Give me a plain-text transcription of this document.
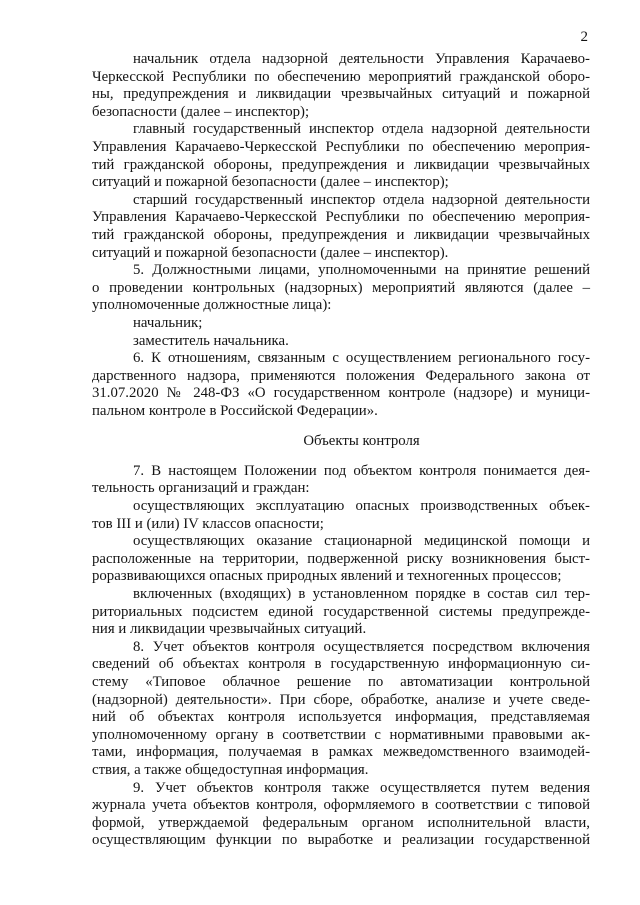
2
начальник отдела надзорной деятельности Управления Карачаево-
Черкесской Республики по обеспечению мероприятий гражданской оборо-
ны, предупреждения и ликвидации чрезвычайных ситуаций и пожарной
безопасности (далее – инспектор);
главный государственный инспектор отдела надзорной деятельности
Управления Карачаево-Черкесской Республики по обеспечению мероприя-
тий гражданской обороны, предупреждения и ликвидации чрезвычайных
ситуаций и пожарной безопасности (далее – инспектор);
старший государственный инспектор отдела надзорной деятельности
Управления Карачаево-Черкесской Республики по обеспечению мероприя-
тий гражданской обороны, предупреждения и ликвидации чрезвычайных
ситуаций и пожарной безопасности (далее – инспектор).
5. Должностными лицами, уполномоченными на принятие решений
о проведении контрольных (надзорных) мероприятий являются (далее –
уполномоченные должностные лица):
начальник;
заместитель начальника.
6. К отношениям, связанным с осуществлением регионального госу-
дарственного надзора, применяются положения Федерального закона от
31.07.2020 № 248-ФЗ «О государственном контроле (надзоре) и муници-
пальном контроле в Российской Федерации».
Объекты контроля
7. В настоящем Положении под объектом контроля понимается дея-
тельность организаций и граждан:
осуществляющих эксплуатацию опасных производственных объек-
тов III и (или) IV классов опасности;
осуществляющих оказание стационарной медицинской помощи и
расположенные на территории, подверженной риску возникновения быст-
роразвивающихся опасных природных явлений и техногенных процессов;
включенных (входящих) в установленном порядке в состав сил тер-
риториальных подсистем единой государственной системы предупрежде-
ния и ликвидации чрезвычайных ситуаций.
8. Учет объектов контроля осуществляется посредством включения
сведений об объектах контроля в государственную информационную си-
стему «Типовое облачное решение по автоматизации контрольной
(надзорной) деятельности». При сборе, обработке, анализе и учете сведе-
ний об объектах контроля используется информация, представляемая
уполномоченному органу в соответствии с нормативными правовыми ак-
тами, информация, получаемая в рамках межведомственного взаимодей-
ствия, а также общедоступная информация.
9. Учет объектов контроля также осуществляется путем ведения
журнала учета объектов контроля, оформляемого в соответствии с типовой
формой, утверждаемой федеральным органом исполнительной власти,
осуществляющим функции по выработке и реализации государственной
